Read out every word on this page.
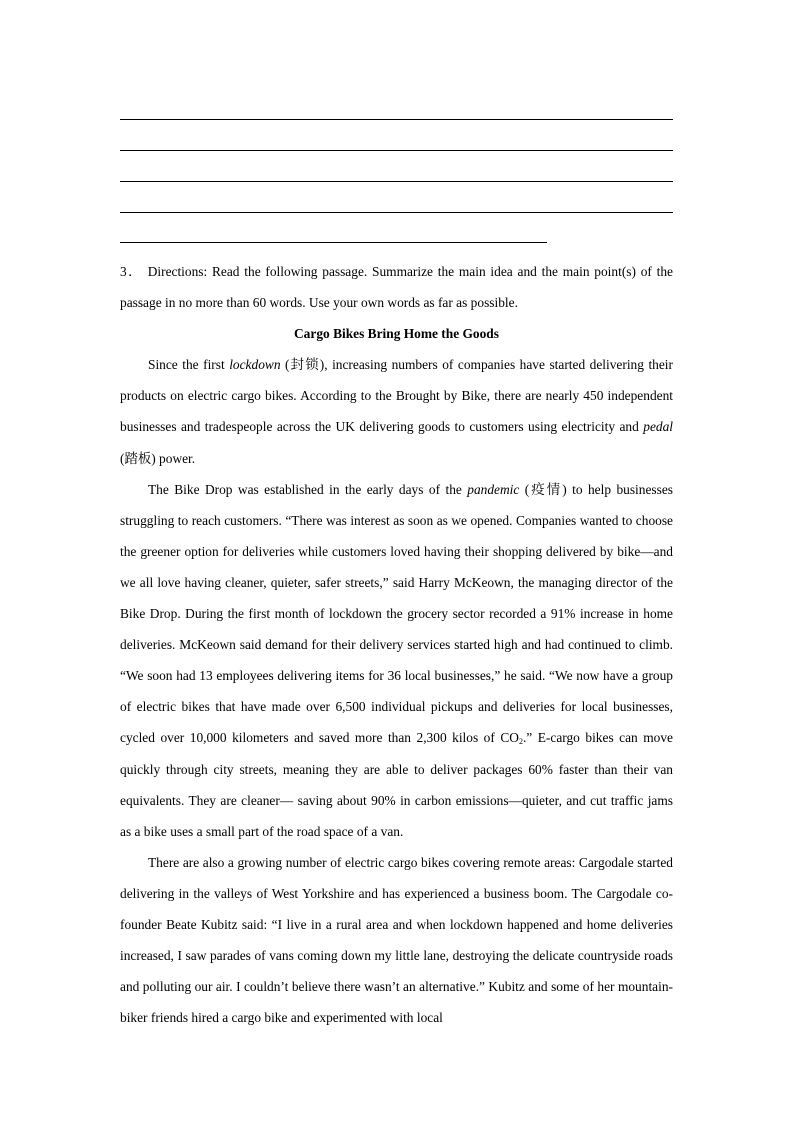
3． Directions: Read the following passage. Summarize the main idea and the main point(s) of the passage in no more than 60 words. Use your own words as far as possible.

Cargo Bikes Bring Home the Goods

Since the first lockdown (封锁), increasing numbers of companies have started delivering their products on electric cargo bikes. According to the Brought by Bike, there are nearly 450 independent businesses and tradespeople across the UK delivering goods to customers using electricity and pedal (踏板) power.

The Bike Drop was established in the early days of the pandemic (疫情) to help businesses struggling to reach customers. “There was interest as soon as we opened. Companies wanted to choose the greener option for deliveries while customers loved having their shopping delivered by bike—and we all love having cleaner, quieter, safer streets,” said Harry McKeown, the managing director of the Bike Drop. During the first month of lockdown the grocery sector recorded a 91% increase in home deliveries. McKeown said demand for their delivery services started high and had continued to climb. “We soon had 13 employees delivering items for 36 local businesses,” he said. “We now have a group of electric bikes that have made over 6,500 individual pickups and deliveries for local businesses, cycled over 10,000 kilometers and saved more than 2,300 kilos of $CO_2$.” E-cargo bikes can move quickly through city streets, meaning they are able to deliver packages 60% faster than their van equivalents. They are cleaner— saving about 90% in carbon emissions—quieter, and cut traffic jams as a bike uses a small part of the road space of a van.

There are also a growing number of electric cargo bikes covering remote areas: Cargodale started delivering in the valleys of West Yorkshire and has experienced a business boom. The Cargodale co-founder Beate Kubitz said: “I live in a rural area and when lockdown happened and home deliveries increased, I saw parades of vans coming down my little lane, destroying the delicate countryside roads and polluting our air. I couldn’t believe there wasn’t an alternative.” Kubitz and some of her mountain-biker friends hired a cargo bike and experimented with local
